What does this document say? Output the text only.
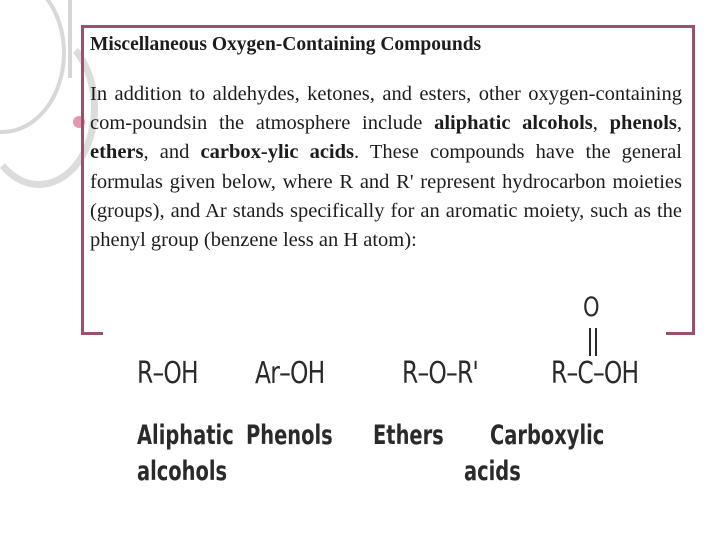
Miscellaneous Oxygen-Containing Compounds
In addition to aldehydes, ketones, and esters, other oxygen-containing com-poundsin the atmosphere include aliphatic alcohols, phenols, ethers, and carbox-ylic acids. These compounds have the general formulas given below, where R and R' represent hydrocarbon moieties (groups), and Ar stands specifically for an aromatic moiety, such as the phenyl group (benzene less an H atom):
O
R–OH Ar–OH	R–O–R' R–C–OH
Aliphatic
alcohols
Phenols Ethers Carboxylic
acids
